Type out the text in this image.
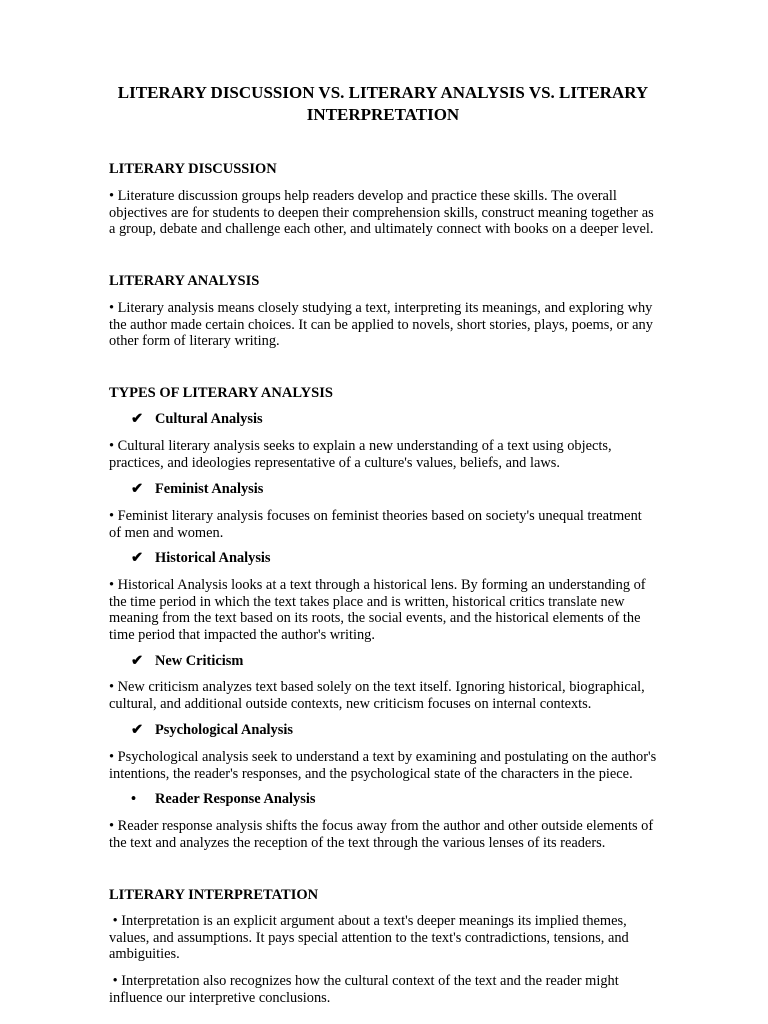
LITERARY DISCUSSION VS. LITERARY ANALYSIS VS. LITERARY INTERPRETATION
LITERARY DISCUSSION

• Literature discussion groups help readers develop and practice these skills. The overall objectives are for students to deepen their comprehension skills, construct meaning together as a group, debate and challenge each other, and ultimately connect with books on a deeper level.

LITERARY ANALYSIS

• Literary analysis means closely studying a text, interpreting its meanings, and exploring why the author made certain choices. It can be applied to novels, short stories, plays, poems, or any other form of literary writing.

TYPES OF LITERARY ANALYSIS
✔ Cultural Analysis

• Cultural literary analysis seeks to explain a new understanding of a text using objects, practices, and ideologies representative of a culture's values, beliefs, and laws.

✔ Feminist Analysis

• Feminist literary analysis focuses on feminist theories based on society's unequal treatment of men and women.

✔ Historical Analysis

• Historical Analysis looks at a text through a historical lens. By forming an understanding of the time period in which the text takes place and is written, historical critics translate new meaning from the text based on its roots, the social events, and the historical elements of the time period that impacted the author's writing.

✔ New Criticism

• New criticism analyzes text based solely on the text itself. Ignoring historical, biographical, cultural, and additional outside contexts, new criticism focuses on internal contexts.

✔ Psychological Analysis

• Psychological analysis seek to understand a text by examining and postulating on the author's intentions, the reader's responses, and the psychological state of the characters in the piece.

• Reader Response Analysis

• Reader response analysis shifts the focus away from the author and other outside elements of the text and analyzes the reception of the text through the various lenses of its readers.

LITERARY INTERPRETATION

• Interpretation is an explicit argument about a text's deeper meanings its implied themes, values, and assumptions. It pays special attention to the text's contradictions, tensions, and ambiguities.

• Interpretation also recognizes how the cultural context of the text and the reader might influence our interpretive conclusions.
